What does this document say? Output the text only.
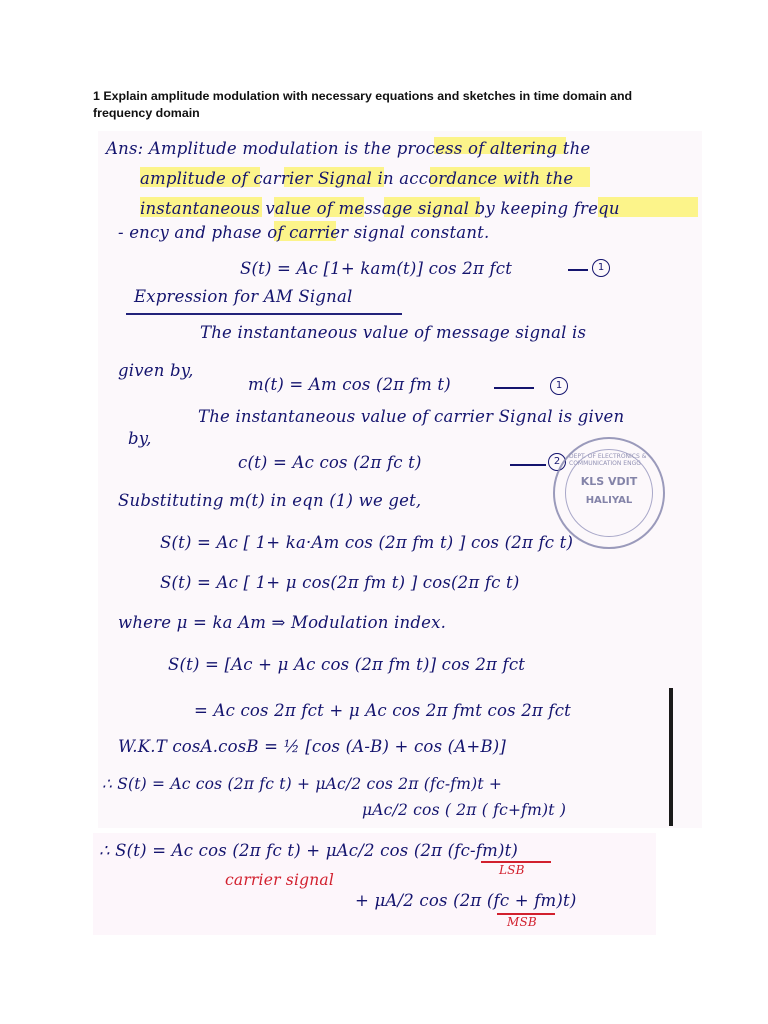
1 Explain amplitude modulation with necessary equations and sketches in time domain and frequency domain
Ans: Amplitude modulation is the process of altering the
amplitude of carrier Signal in accordance with the
instantaneous value of message signal by keeping frequ
- ency and phase of carrier signal constant.
S(t) = Ac [1+ kam(t)] cos 2π fct	1
Expression for AM Signal
The instantaneous value of message signal is
given by,
m(t) = Am cos (2π fm t)	1
The instantaneous value of carrier Signal is given
by,
c(t) = Ac cos (2π fc t)	2
Substituting m(t) in eqn (1) we get,
S(t) = Ac [ 1+ ka·Am cos (2π fm t) ] cos (2π fc t)
S(t) = Ac [ 1+ μ cos(2π fm t) ] cos(2π fc t)
where μ = ka Am ⇒ Modulation index.
S(t) = [Ac + μ Ac cos (2π fm t)] cos 2π fct
= Ac cos 2π fct + μ Ac cos 2π fmt cos 2π fct
W.K.T cosA.cosB = ½ [cos (A-B) + cos (A+B)]
∴ S(t) = Ac cos (2π fc t) + μAc/2 cos 2π (fc-fm)t +
μAc/2 cos ( 2π ( fc+fm)t )
DEPT. OF ELECTRONICS & COMMUNICATION ENGG
KLS VDIT
HALIYAL
∴ S(t) = Ac cos (2π fc t) + μAc/2 cos (2π (fc-fm)t)
carrier signal
LSB
+ μA/2 cos (2π (fc + fm)t)
MSB
